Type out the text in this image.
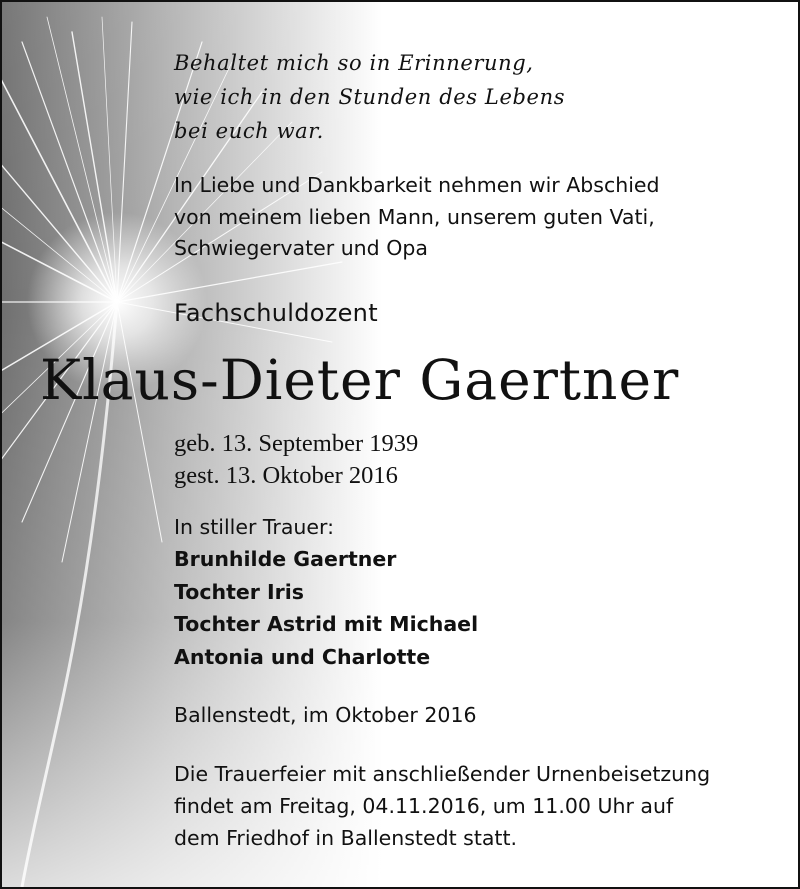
Behaltet mich so in Erinnerung,
wie ich in den Stunden des Lebens
bei euch war.

In Liebe und Dankbarkeit nehmen wir Abschied
von meinem lieben Mann, unserem guten Vati,
Schwiegervater und Opa

Fachschuldozent

Klaus-Dieter Gaertner

geb. 13. September 1939
gest. 13. Oktober 2016

In stiller Trauer:

Brunhilde Gaertner
Tochter Iris
Tochter Astrid mit Michael
Antonia und Charlotte

Ballenstedt, im Oktober 2016

Die Trauerfeier mit anschließender Urnenbeisetzung
findet am Freitag, 04.11.2016, um 11.00 Uhr auf
dem Friedhof in Ballenstedt statt.
